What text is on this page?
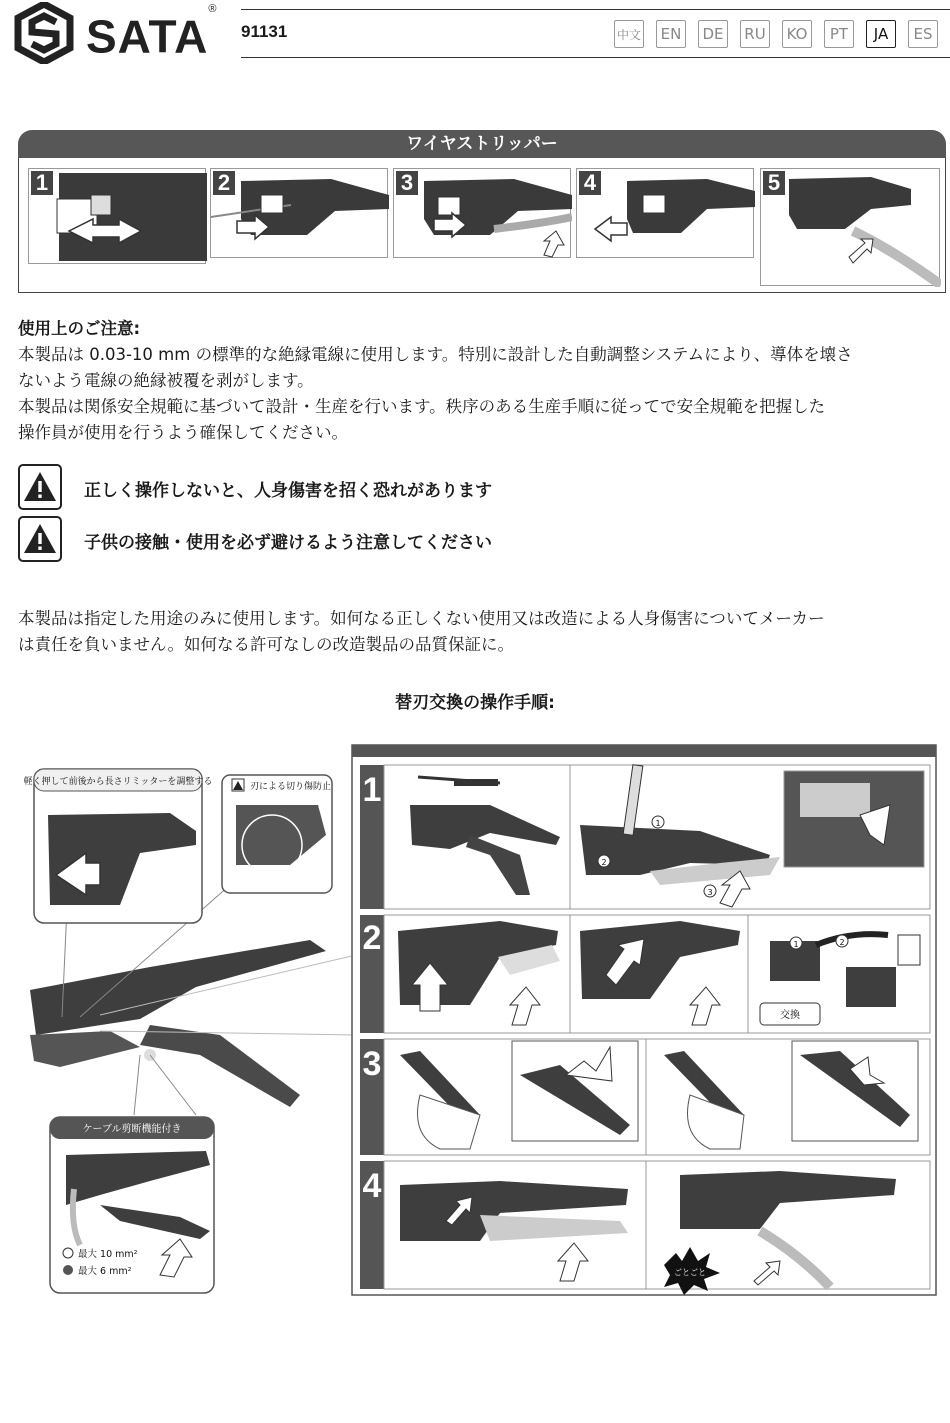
SATA®
91131	中文	EN	DE RU	KO	PT	JA	ES
ワイヤストリッパー
1	2	3	4	5
使用上のご注意:
本製品は 0.03-10 mm の標準的な絶縁電線に使用します。特別に設計した自動調整システムにより、導体を壊さ
ないよう電線の絶縁被覆を剥がします。
本製品は関係安全規範に基づいて設計・生産を行います。秩序のある生産手順に従ってで安全規範を把握した
操作員が使用を行うよう確保してください。
正しく操作しないと、人身傷害を招く恐れがあります
子供の接触・使用を必ず避けるよう注意してください
本製品は指定した用途のみに使用します。如何なる正しくない使用又は改造による人身傷害についてメーカー
は責任を負いません。如何なる許可なしの改造製品の品質保証に。
替刃交換の操作手順:
軽く押して前後から長さリミッターを調整する	刃による切り傷防止
ケーブル剪断機能付き
最大 10 mm²
最大 6 mm²
1
1
2
3
2
交換
1	2
3
4
ごとごと
